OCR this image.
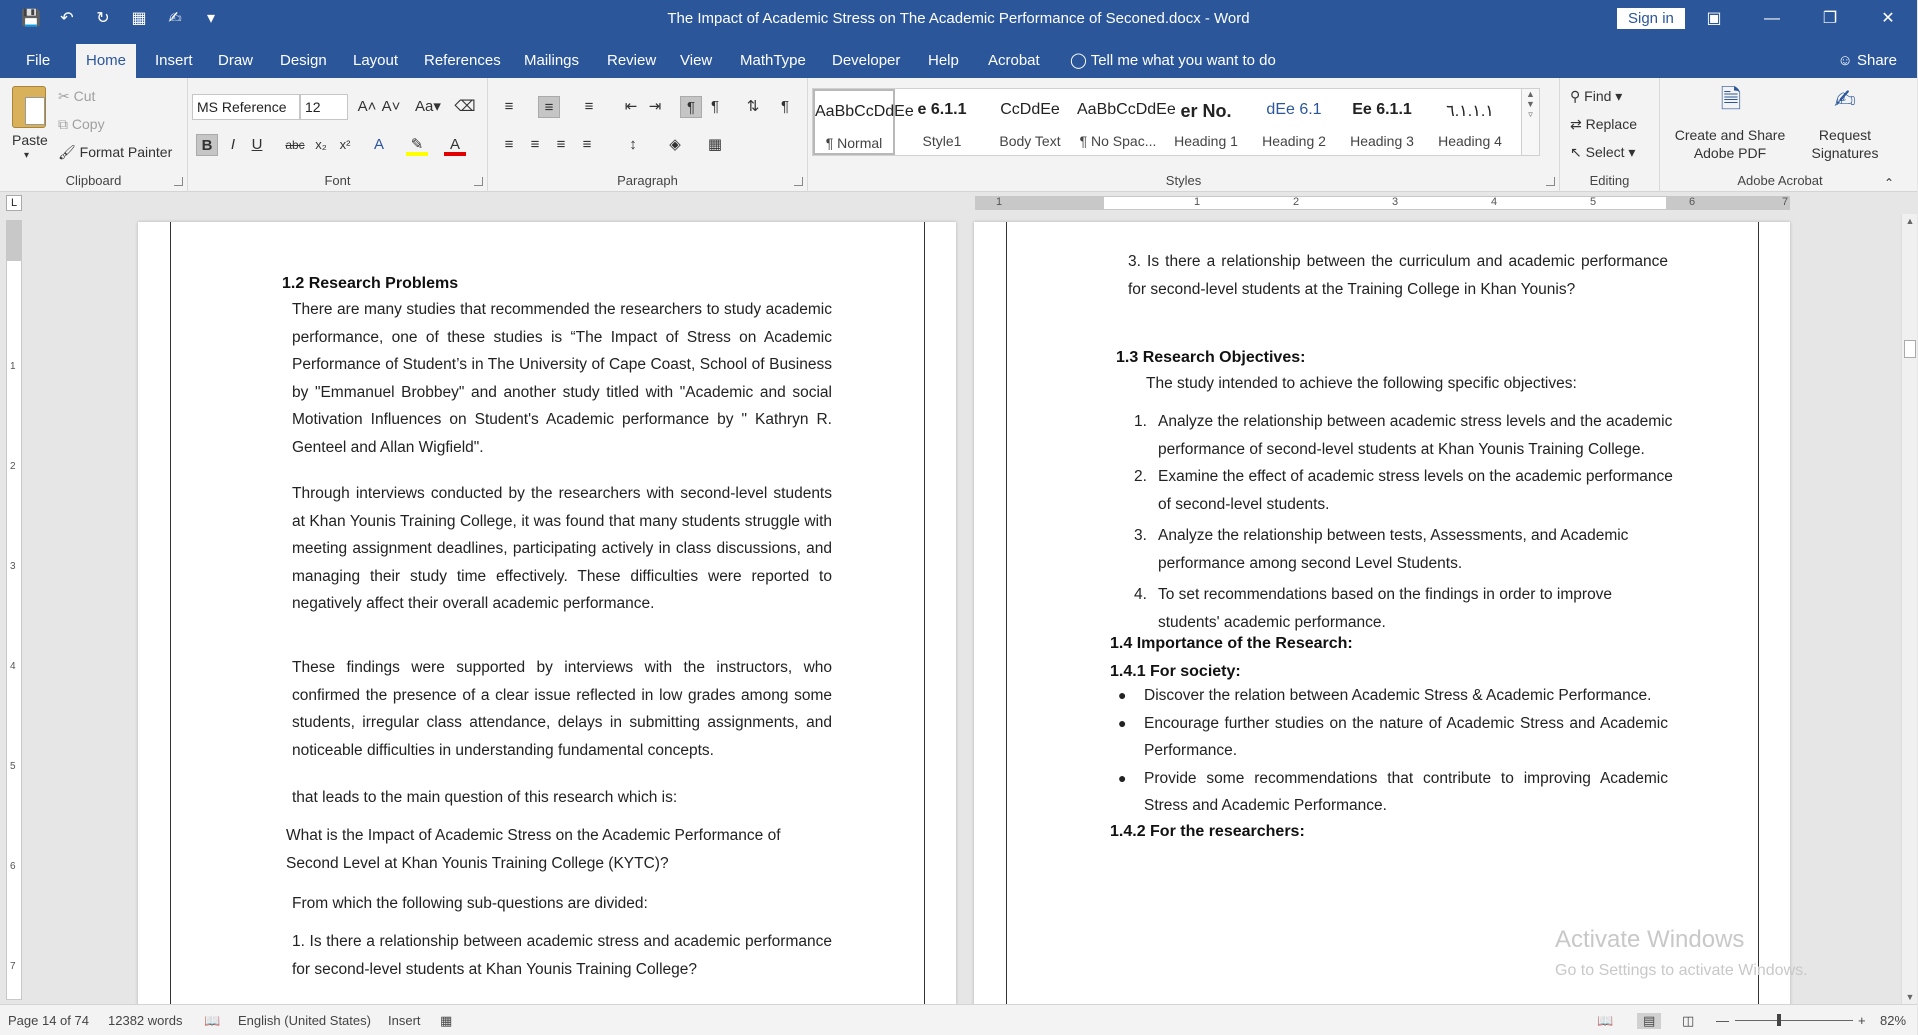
💾 ↶ ↻ ▦ ✍	▾	The Impact of Academic Stress on The Academic Performance of Seconed.docx - Word	Sign in	▣	—	❐	✕
File	Home	Insert	Draw	Design	Layout	References	Mailings	Review	View	MathType	Developer	Help	Acrobat	◯ Tell me what you want to do	☺ Share
Paste
▾
✂ Cut
⧉ Copy
🖌 Format Painter
Clipboard
MS Reference	12	A˄ A˅ Aa▾ ⌫
B	I	U	abc x₂ x²	A	✎	A
Font
≡	≡	≡	⇤ ⇥	¶	¶	⇅	¶
≡	≡	≡	≡	↕	◈	▦
Paragraph	Styles
AaBbCcDdEe
¶ Normal
e 6.1.1
Style1
CcDdEe
Body Text
AaBbCcDdEe
¶ No Spac...
er No.
Heading 1
dEe 6.1
Heading 2
Ee 6.1.1
Heading 3
٦.١.١.١
Heading 4
▲
▼
▿
⚲ Find ▾
⇄ Replace
↖ Select ▾
Editing
🗎
Create and Share Adobe PDF
✍
Request Signatures
Adobe Acrobat	⌃
L	1	1	2	3	4	5	6	7
1
2
3
4
5
6
7
1.2 Research Problems
There are many studies that recommended the researchers to study academic performance, one of these studies is “The Impact of Stress on Academic Performance of Student’s in The University of Cape Coast, School of Business by "Emmanuel Brobbey" and another study titled with "Academic and social Motivation Influences on Student's Academic performance by " Kathryn R. Genteel and Allan Wigfield".
Through interviews conducted by the researchers with second-level students at Khan Younis Training College, it was found that many students struggle with meeting assignment deadlines, participating actively in class discussions, and managing their study time effectively. These difficulties were reported to negatively affect their overall academic performance.
These findings were supported by interviews with the instructors, who confirmed the presence of a clear issue reflected in low grades among some students, irregular class attendance, delays in submitting assignments, and noticeable difficulties in understanding fundamental concepts.
that leads to the main question of this research which is:
What is the Impact of Academic Stress on the Academic Performance of Second Level at Khan Younis Training College (KYTC)?
From which the following sub-questions are divided:
1. Is there a relationship between academic stress and academic performance for second-level students at Khan Younis Training College?
3. Is there a relationship between the curriculum and academic performance for second-level students at the Training College in Khan Younis?
1.3 Research Objectives:
The study intended to achieve the following specific objectives:
1. Analyze the relationship between academic stress levels and the academic performance of second-level students at Khan Younis Training College.
2. Examine the effect of academic stress levels on the academic performance of second-level students.
3. Analyze the relationship between tests, Assessments, and Academic performance among second Level Students.
4. To set recommendations based on the findings in order to improve students' academic performance.
1.4 Importance of the Research:
1.4.1 For society:
●	Discover the relation between Academic Stress & Academic Performance.
●	Encourage further studies on the nature of Academic Stress and Academic Performance.
●	Provide some recommendations that contribute to improving Academic Stress and Academic Performance.
1.4.2 For the researchers:
Activate Windows
Go to Settings to activate Windows.
▲
▼
Page 14 of 74 12382 words 📖 English (United States) Insert ▦	📖	▤	◫ —	+ 82%
